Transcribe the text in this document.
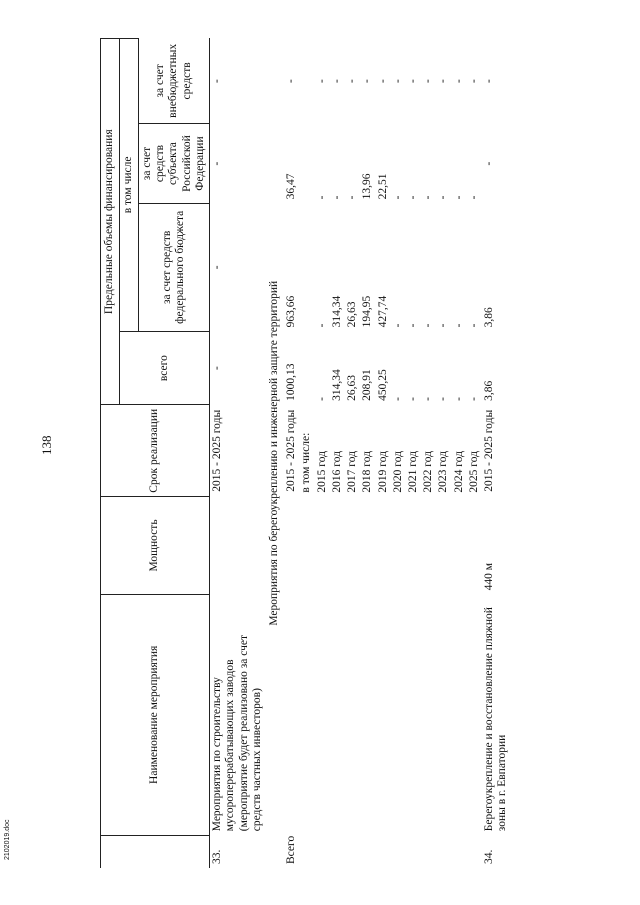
138
	Наименование мероприятия	Мощность	Срок реализации	Предельные объемы финансирования			
				всего	в том числе		
					за счет средств федерального бюджета	за счет средств субъекта Российской Федерации	за счет внебюджетных средств
33.	Мероприятия по строительству мусороперерабатывающих заводов (мероприятие будет реализовано за счет средств частных инвесторов)		2015 - 2025 годы	-	-	-	-
Мероприятия по берегоукреплению и инженерной защите территорий							
Всего			2015 - 2025 годы	1000,13	963,66	36,47	-
			в том числе:				
			2015 год	-	-	-	-
			2016 год	314,34	314,34	-	-
			2017 год	26,63	26,63	-	-
			2018 год	208,91	194,95	13,96	-
			2019 год	450,25	427,74	22,51	-
			2020 год	-	-	-	-
			2021 год	-	-	-	-
			2022 год	-	-	-	-
			2023 год	-	-	-	-
			2024 год	-	-	-	-
			2025 год	-	-	-	-
34.	Берегоукрепление и восстановление пляжной зоны в г. Евпатории	440 м	2015 - 2025 годы	3,86	3,86	-	-
2102019.doc
